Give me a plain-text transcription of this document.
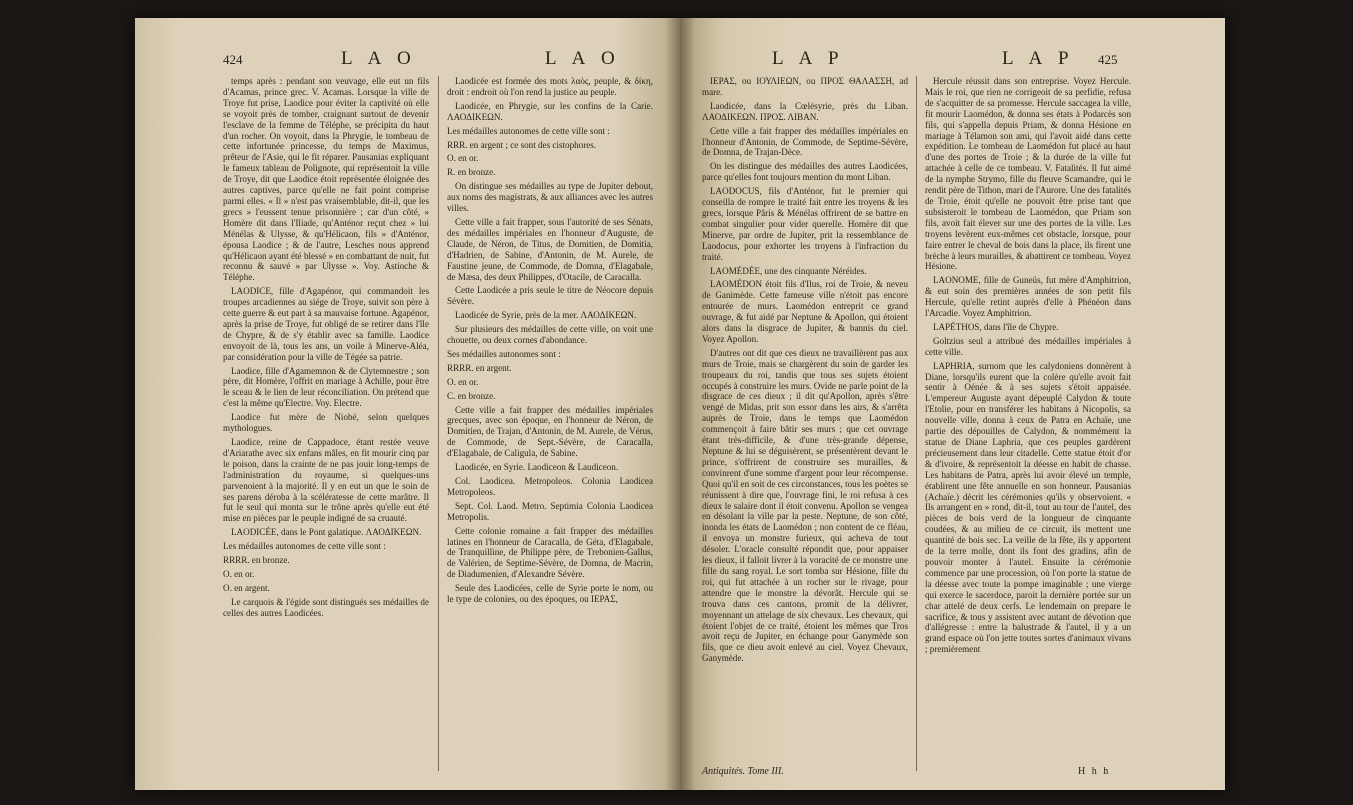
424	L A O	L A O

temps après : pendant son veuvage, elle eut un fils d'Acamas, prince grec. V. Acamas. Lorsque la ville de Troye fut prise, Laodice pour éviter la captivité où elle se voyoit près de tomber, craignant surtout de devenir l'esclave de la femme de Téléphe, se précipita du haut d'un rocher. On voyoit, dans la Phrygie, le tombeau de cette infortunée princesse, du temps de Maximus, prêteur de l'Asie, qui le fit réparer. Pausanias expliquant le fameux tableau de Polignote, qui représentoit la ville de Troye, dit que Laodice étoit représentée éloignée des autres captives, parce qu'elle ne fait point comprise parmi elles. « Il » n'est pas vraisemblable, dit-il, que les grecs » l'eussent tenue prisonnière ; car d'un côté, » Homère dit dans l'Iliade, qu'Anténor reçut chez » lui Ménélas & Ulysse, & qu'Hélicaon, fils » d'Anténor, épousa Laodice ; & de l'autre, Lesches nous apprend qu'Hélicaon ayant été blessé » en combattant de nuit, fut reconnu & sauvé » par Ulysse ». Voy. Astioche & Téléphe.

LAODICE, fille d'Agapénor, qui commandoit les troupes arcadiennes au siége de Troye, suivit son père à cette guerre & eut part à sa mauvaise fortune. Agapénor, après la prise de Troye, fut obligé de se retirer dans l'île de Chypre, & de s'y établir avec sa famille. Laodice envoyoit de là, tous les ans, un voile à Minerve-Aléa, par considération pour la ville de Tégée sa patrie.

Laodice, fille d'Agamemnon & de Clytemnestre ; son père, dit Homère, l'offrit en mariage à Achille, pour être le sceau & le lien de leur réconciliation. On prétend que c'est la même qu'Electre. Voy. Electre.

Laodice fut mère de Niobé, selon quelques mythologues.

Laodice, reine de Cappadoce, étant restée veuve d'Ariarathe avec six enfans mâles, en fit mourir cinq par le poison, dans la crainte de ne pas jouir long-temps de l'administration du royaume, si quelques-uns parvenoient à la majorité. Il y en eut un que le soin de ses parens déroba à la scélératesse de cette marâtre. Il fut le seul qui monta sur le trône après qu'elle eut été mise en pièces par le peuple indigné de sa cruauté.

LAODICÉE, dans le Pont galatique. ΛΑΟΔΙΚΕΩΝ.

Les médailles autonomes de cette ville sont :

RRRR. en bronze.

O. en or.

O. en argent.

Le carquois & l'égide sont distingués ses médailles de celles des autres Laodicées.

Laodicée est formée des mots λαὸς, peuple, & δίκη, droit : endroit où l'on rend la justice au peuple.

Laodicée, en Phrygie, sur les confins de la Carie. ΛΑΟΔΙΚΕΩΝ.

Les médailles autonomes de cette ville sont :

RRR. en argent ; ce sont des cistophores.

O. en or.

R. en bronze.

On distingue ses médailles au type de Jupiter debout, aux noms des magistrats, & aux alliances avec les autres villes.

Cette ville a fait frapper, sous l'autorité de ses Sénats, des médailles impériales en l'honneur d'Auguste, de Claude, de Néron, de Titus, de Domitien, de Domitia, d'Hadrien, de Sabine, d'Antonin, de M. Aurele, de Faustine jeune, de Commode, de Domna, d'Elagabale, de Mæsa, des deux Philippes, d'Otacile, de Caracalla.

Cette Laodicée a pris seule le titre de Néocore depuis Sévère.

Laodicée de Syrie, près de la mer. ΛΑΟΔΙΚΕΩΝ.

Sur plusieurs des médailles de cette ville, on voit une chouette, ou deux cornes d'abondance.

Ses médailles autonomes sont :

RRRR. en argent.

O. en or.

C. en bronze.

Cette ville a fait frapper des médailles impériales grecques, avec son époque, en l'honneur de Néron, de Domitien, de Trajan, d'Antonin, de M. Aurele, de Vérus, de Commode, de Sept.-Sévère, de Caracalla, d'Elagabale, de Caligula, de Sabine.

Laodicée, en Syrie. Laodiceon & Laudiceon.

Col. Laodicea. Metropoleos. Colonia Laodicea Metropoleos.

Sept. Col. Laod. Metro. Septimia Colonia Laodicea Metropolis.

Cette colonie romaine a fait frapper des médailles latines en l'honneur de Caracalla, de Géta, d'Elagabale, de Tranquilline, de Philippe père, de Trebonien-Gallus, de Valérien, de Septime-Sévère, de Domna, de Macrin, de Diadumenien, d'Alexandre Sévère.

Seule des Laodicées, celle de Syrie porte le nom, ou le type de colonies, ou des époques, ou ΙΕΡΑΣ,

L A P	L A P 425

ΙΕΡΑΣ, ou ΙΟΥΛΙΕΩΝ, ou ΠΡΟΣ ΘΑΛΑΣΣΗ, ad mare.

Laodicée, dans la Cœlésyrie, près du Liban. ΛΑΟΔΙΚΕΩΝ. ΠΡΟΣ. ΛΙΒΑΝ.

Cette ville a fait frapper des médailles impériales en l'honneur d'Antonin, de Commode, de Septime-Sévère, de Domna, de Trajan-Dèce.

On les distingue des médailles des autres Laodicées, parce qu'elles font toujours mention du mont Liban.

LAODOCUS, fils d'Anténor, fut le premier qui conseilla de rompre le traité fait entre les troyens & les grecs, lorsque Pâris & Ménélas offrirent de se battre en combat singulier pour vider querelle. Homère dit que Minerve, par ordre de Jupiter, prit la ressemblance de Laodocus, pour exhorter les troyens à l'infraction du traité.

LAOMÉDÉE, une des cinquante Néréides.

LAOMÉDON étoit fils d'Ilus, roi de Troie, & neveu de Ganimède. Cette fameuse ville n'étoit pas encore entourée de murs. Laomédon entreprit ce grand ouvrage, & fut aidé par Neptune & Apollon, qui étoient alors dans la disgrace de Jupiter, & bannis du ciel. Voyez Apollon.

D'autres ont dit que ces dieux ne travaillèrent pas aux murs de Troie, mais se chargèrent du soin de garder les troupeaux du roi, tandis que tous ses sujets étoient occupés à construire les murs. Ovide ne parle point de la disgrace de ces dieux ; il dit qu'Apollon, après s'être vengé de Midas, prit son essor dans les airs, & s'arrêta auprès de Troie, dans le temps que Laomédon commençoit à faire bâtir ses murs ; que cet ouvrage étant très-difficile, & d'une très-grande dépense, Neptune & lui se déguisèrent, se présentèrent devant le prince, s'offrirent de construire ses murailles, & convinrent d'une somme d'argent pour leur récompense. Quoi qu'il en soit de ces circonstances, tous les poètes se réunissent à dire que, l'ouvrage fini, le roi refusa à ces dieux le salaire dont il étoit convenu. Apollon se vengea en désolant la ville par la peste. Neptune, de son côté, inonda les états de Laomédon ; non content de ce fléau, il envoya un monstre furieux, qui acheva de tout désoler. L'oracle consulté répondit que, pour appaiser les dieux, il falloit livrer à la voracité de ce monstre une fille du sang royal. Le sort tomba sur Hésione, fille du roi, qui fut attachée à un rocher sur le rivage, pour attendre que le monstre la dévorât. Hercule qui se trouva dans ces cantons, promit de la délivrer, moyennant un attelage de six chevaux. Les chevaux, qui étoient l'objet de ce traité, étoient les mêmes que Tros avoit reçu de Jupiter, en échange pour Ganymède son fils, que ce dieu avoit enlevé au ciel. Voyez Chevaux, Ganymède.

Hercule réussit dans son entreprise. Voyez Hercule. Mais le roi, que rien ne corrigeoit de sa perfidie, refusa de s'acquitter de sa promesse. Hercule saccagea la ville, fit mourir Laomédon, & donna ses états à Podarcès son fils, qui s'appella depuis Priam, & donna Hésione en mariage à Télamon son ami, qui l'avoit aidé dans cette expédition. Le tombeau de Laomédon fut placé au haut d'une des portes de Troie ; & la durée de la ville fut attachée à celle de ce tombeau. V. Fatalités. Il fut aimé de la nymphe Strymo, fille du fleuve Scamandre, qui le rendit père de Tithon, mari de l'Aurore. Une des fatalités de Troie, étoit qu'elle ne pouvoit être prise tant que subsisteroit le tombeau de Laomédon, que Priam son fils, avoit fait élever sur une des portes de la ville. Les troyens levèrent eux-mêmes cet obstacle, lorsque, pour faire entrer le cheval de bois dans la place, ils firent une brèche à leurs murailles, & abattirent ce tombeau. Voyez Hésione.

LAONOME, fille de Guneüs, fut mère d'Amphitrion, & eut soin des premières années de son petit fils Hercule, qu'elle retint auprès d'elle à Phénéon dans l'Arcadie. Voyez Amphitrion.

LAPÉTHOS, dans l'île de Chypre.

Goltzius seul a attribué des médailles impériales à cette ville.

LAPHRIA, surnom que les calydoniens donnèrent à Diane, lorsqu'ils eurent que la colère qu'elle avoit fait sentir à Oénée & à ses sujets s'étoit appaisée. L'empereur Auguste ayant dépeuplé Calydon & toute l'Etolie, pour en transférer les habitans à Nicopolis, sa nouvelle ville, donna à ceux de Patra en Achaïe, une partie des dépouilles de Calydon, & nommément la statue de Diane Laphria, que ces peuples gardèrent précieusement dans leur citadelle. Cette statue étoit d'or & d'ivoire, & représentoit la déesse en habit de chasse. Les habitans de Patra, après lui avoir élevé un temple, établirent une fête annuelle en son honneur. Pausanias (Achaïe.) décrit les cérémonies qu'ils y observoient. « Ils arrangent en » rond, dit-il, tout au tour de l'autel, des pièces de bois verd de la longueur de cinquante coudées, & au milieu de ce circuit, ils mettent une quantité de bois sec. La veille de la fête, ils y apportent de la terre molle, dont ils font des gradins, afin de pouvoir monter à l'autel. Ensuite la cérémonie commence par une procession, où l'on porte la statue de la déesse avec toute la pompe imaginable ; une vierge qui exerce le sacerdoce, paroit la dernière portée sur un char attelé de deux cerfs. Le lendemain on prepare le sacrifice, & tous y assistent avec autant de dévotion que d'allégresse : entre la balustrade & l'autel, il y a un grand espace où l'on jette toutes sortes d'animaux vivans ; premièrement

Antiquités. Tome III.	H h h
